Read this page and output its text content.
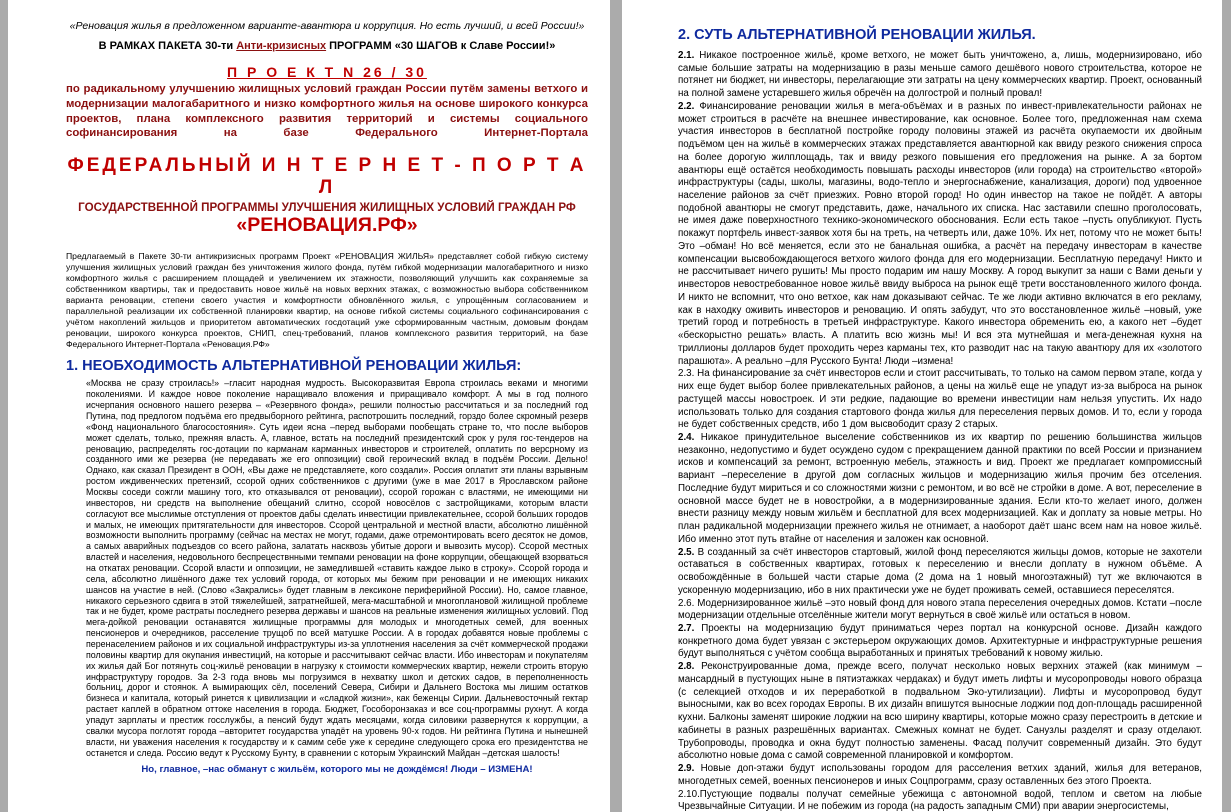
«Реновация жилья в предложенном варианте-авантюра и коррупция. Но есть лучший, и всей России!»

В РАМКАХ ПАКЕТА 30-ти Анти-кризисных ПРОГРАММ «30 ШАГОВ к Славе России!»

П Р О Е К Т N 26 / 30

по радикальному улучшению жилищных условий граждан России путём замены ветхого и модернизации малогабаритного и низко комфортного жилья на основе широкого конкурса проектов, плана комплексного развития территорий и системы социального софинансирования на базе Федерального Интернет-Портала

ФЕДЕРАЛЬНЫЙ И Н Т Е Р Н Е Т - П О Р Т А Л

ГОСУДАРСТВЕННОЙ ПРОГРАММЫ УЛУЧШЕНИЯ ЖИЛИЩНЫХ УСЛОВИЙ ГРАЖДАН РФ

«РЕНОВАЦИЯ.РФ»

Предлагаемый в Пакете 30-ти антикризисных программ Проект «РЕНОВАЦИЯ ЖИЛЬЯ» представляет собой гибкую систему улучшения жилищных условий граждан без уничтожения жилого фонда, путём гибкой модернизации малогабаритного и низко комфортного жилья с расширением площадей и увеличением их этажности, позволяющий улучшить как сохраняемые за собственником квартиры, так и предоставить новое жильё на новых верхних этажах, с возможностью выбора собственником варианта реновации, степени своего участия и комфортности обновлённого жилья, с упрощённым согласованием и параллельной реализации их собственной планировки квартир, на основе гибкой системы социального софинансирования с учётом накоплений жильцов и приоритетом автоматических госдотаций уже сформированным частным, домовым фондам реновации, широкого конкурса проектов, СНИП, спец-требований, планов комплексного развития территорий, на базе Федерального Интернет-Портала «Реновация.РФ»

1. НЕОБХОДИМОСТЬ АЛЬТЕРНАТИВНОЙ РЕНОВАЦИИ ЖИЛЬЯ:

«Москва не сразу строилась!» –гласит народная мудрость. Высокоразвитая Европа строилась веками и многими поколениями. И каждое новое поколение наращивало вложения и приращивало комфорт. А мы в год полного исчерпания основного нашего резерва – «Резервного фонда», решили полностью рассчитаться и за последний год Путина, под предлогом подъёма его предвыборного рейтинга, распотрошить последний, горздо более скромный резерв «Фонд национального благосостояния». Суть идеи ясна –перед выборами пообещать стране то, что после выборов может сделать, только, прежняя власть. А, главное, встать на последний президентский срок у руля гос-тендеров на реновацию, распределять гос-дотации по карманам карманных инвесторов и строителей, оплатить по версрному из созданного ими же резерва (не передавать же его оппозиции) свой героический вклад в подъём России. Дельно! Однако, как сказал Президент в ООН, «Вы даже не представляете, кого создали». Россия оплатит эти планы взрывным ростом иждивенческих претензий, ссорой одних собственников с другими (уже в мае 2017 в Ярославском районе Москвы соседи сожгли машину того, кто отказывался от реновации), ссорой горожан с властями, не имеющими ни инвесторов, ни средств на выполнение обещаний слитно, ссорой новосёлов с застройщиками, которым власти согласуют все мыслимые отступления от проектов дабы сделать инвестиции привлекательнее, ссорой больших городов и малых, не имеющих притягательности для инвесторов. Ссорой центральной и местной власти, абсолютно лишённой возможности выполнить программу (сейчас на местах не могут, годами, даже отремонтировать всего десяток не домов, а самых аварийных подъездов со всего района, залатать насквозь убитые дороги и вывозить мусор). Ссорой местных властей и населения, недовольного беспрецествнными темпами реновации на фоне коррупции, обещающей взорваться на откатах реновации. Ссорой власти и оппозиции, не замедлившей «ставить каждое лыко в строку». Ссорой города и села, абсолютно лишённого даже тех условий города, от которых мы бежим при реновации и не имеющих никаких шансов на участие в ней. (Слово «Закрались» будет главным в лексиконе периферийной России). Но, самое главное, никакого серьезного сдвига в этой тяжелейшей, затратнейшей, мега-масштабной и многоплановой жилищной проблеме так и не будет, кроме растраты последнего резерва державы и шансов на реальные изменения жилищных условий. Под мега-дойкой реновации останавятся жилищные программы для молодых и многодетных семей, для военных пенсионеров и очередников, расселение трущоб по всей матушке России. А в городах добавятся новые проблемы с перенаселением районов и их социальной инфраструктуры из-за уплотнения населения за счёт коммерческой продажи половины квартир для окупания инвестиций, на которые и рассчитывают сейчас власти. Ибо инвесторам и покупателям их жилья дай Бог потянуть соц-жильё реновации в нагрузку к стоимости коммерческих квартир, нежели строить вторую инфраструктуру городов. За 2-3 года вновь мы погрузимся в нехватку школ и детских садов, в переполненность больниц, дорог и стоянок. А вымирающих сёл, поселений Севера, Сибири и Дальнего Востока мы лишим остатков бизнеса и капитала, который ринется к цивилизации и «сладкой жизни», как беженцы Сирии. Дальневосточный гектар растает каплей в обратном оттоке населения в города. Бюджет, Гособоронзаказ и все соц-программы рухнут. А когда упадут зарплаты и престиж госслужбы, а пенсий будут ждать месяцами, когда силовики развернутся к коррупции, а свалки мусора поглотят города –авторитет государства упадёт на уровень 90-х годов. Ни рейтинга Путина и нынешней власти, ни уважения населения к государству и к самим себе уже к середине следующего срока его президентства не останется и следа. Россию ведут к Русскому Бунту, в сравнении с которым Украинский Майдан –детская шалость!

Но, главное, –нас обманут с жильём, которого мы не дождёмся! Люди – ИЗМЕНА!

2. СУТЬ АЛЬТЕРНАТИВНОЙ РЕНОВАЦИИ ЖИЛЬЯ.

2.1. Никакое построенное жильё, кроме ветхого, не может быть уничтожено, а, лишь, модернизировано, ибо самые большие затраты на модернизацию в разы меньше самого дешёвого нового строительства, которое не потянет ни бюджет, ни инвесторы, перелагающие эти затраты на цену коммерческих квартир. Проект, основанный на полной замене устаревшего жилья обречён на долгострой и полный провал!
2.2. Финансирование реновации жилья в мега-объёмах и в разных по инвест-привлекательности районах не может строиться в расчёте на внешнее инвестирование, как основное. Более того, предложенная нам схема участия инвесторов в бесплатной постройке городу половины этажей из расчёта окупаемости их двойным подъёмом цен на жильё в коммерческих этажах представляется авантюрной как ввиду резкого снижения спроса на более дорогую жилплощадь, так и ввиду резкого повышения его предложения на рынке. А за бортом авантюры ещё остаётся необходимость повышать расходы инвесторов (или города) на строительство «второй» инфраструктуры (сады, школы, магазины, водо-тепло и энергоснабжение, канализация, дороги) под удвоенное население районов за счёт приезжих. Ровно второй город! Но один инвестор на такое не пойдёт. А авторы подобной авантюры не смогут представить, даже, начального их списка. Нас заставили спешно проголосовать, не имея даже поверхностного технико-экономического обоснования. Если есть такое –пусть опубликуют. Пусть покажут портфель инвест-заявок хотя бы на треть, на четверть или, даже 10%. Их нет, потому что не может быть! Это –обман! Но всё меняется, если это не банальная ошибка, а расчёт на передачу инвесторам в качестве компенсации высвобождающегося ветхого жилого фонда для его модернизации. Бесплатную передачу! Никто и не рассчитывает ничего рушить! Мы просто подарим им нашу Москву. А город выкупит за наши с Вами деньги у инвесторов невостребованное новое жильё ввиду выброса на рынок ещё трети восстановленного жилого фонда. И никто не вспомнит, что оно ветхое, как нам доказывают сейчас. Те же люди активно включатся в его рекламу, как в находку оживить инвесторов и реновацию. И опять забудут, что это восстановленное жильё –новый, уже третий город и потребность в третьей инфраструктуре. Какого инвестора обременить ею, а какого нет –будет «бескорыстно решать» власть. А платить всю жизнь мы! И вся эта мутнейшая и мега-денежная кухня на триллионы долларов будет проходить через карманы тех, кто разводит нас на такую авантюру для их «золотого парашюта». А реально –для Русского Бунта! Люди –измена!
2.3. На финансирование за счёт инвесторов если и стоит рассчитывать, то только на самом первом этапе, когда у них еще будет выбор более привлекательных районов, а цены на жильё еще не упадут из-за выброса на рынок растущей массы новостроек. И эти редкие, падающие во времени инвестиции нам нельзя упустить. Их надо использовать только для создания стартового фонда жилья для переселения первых домов. И то, если у города не будет собственных средств, ибо 1 дом высвободит сразу 2 старых.
2.4. Никакое принудительное выселение собственников из их квартир по решению большинства жильцов незаконно, недопустимо и будет осуждено судом с прекращением данной практики по всей России и признанием исков и компенсаций за ремонт, встроенную мебель, этажность и вид. Проект же предлагает компромиссный вариант –переселение в другой дом согласных жильцов и модернизацию жилья прочим без отселения. Последние будут мириться и со сложностями жизни с ремонтом, и во всё не стройки в доме. А вот, переселение в основной массе будет не в новостройки, а в модернизированные здания. Если кто-то желает иного, должен внести разницу между новым жильём и бесплатной для всех модернизацией. Как и доплату за новые метры. Но план радикальной модернизации прежнего жилья не отнимает, а наоборот даёт шанс всем нам на новое жильё. Ибо именно этот путь втайне от населения и заложен как основной.
2.5. В созданный за счёт инвесторов стартовый, жилой фонд переселяются жильцы домов, которые не захотели оставаться в собственных квартирах, готовых к переселению и внесли доплату в нужном объёме. А освобождённые в большей части старые дома (2 дома на 1 новый многоэтажный) тут же включаются в ускоренную модернизацию, ибо в них практически уже не будет проживать семей, оставшиеся переселятся.
2.6. Модернизированное жильё –это новый фонд для нового этапа переселения очередных домов. Кстати –после модернизации отдельные отселённые жители могут вернуться в своё жильё или остаться в новом.
2.7. Проекты на модернизацию будут приниматься через портал на конкурсной основе. Дизайн каждого конкретного дома будет увязан с экстерьером окружающих домов. Архитектурные и инфраструктурные решения будут выполняться с учётом сообща выработанных и принятых требований к новому жилью.
2.8. Реконструированные дома, прежде всего, получат несколько новых верхних этажей (как минимум – мансардный в пустующих ныне в пятиэтажках чердаках) и будут иметь лифты и мусоропроводы нового образца (с селекцией отходов и их переработкой в подвальном Эко-утилизации). Лифты и мусоропровод будут выносными, как во всех городах Европы. В их дизайн впишутся выносные лоджии под доп-площадь расширенной кухни. Балконы заменят широкие лоджии на всю ширину квартиры, которые можно сразу перестроить в детские и кабинеты в разных разрешённых вариантах. Смежных комнат не будет. Санузлы разделят и сразу отделают. Трубопроводы, проводка и окна будут полностью заменены. Фасад получит современный дизайн. Это будут абсолютно новые дома с самой современной планировкой и комфортом.
2.9. Новые доп-этажи будут использованы городом для расселения ветхих зданий, жилья для ветеранов, многодетных семей, военных пенсионеров и иных Соцпрограмм, сразу оставленных без этого Проекта.
2.10.Пустующие подвалы получат семейные убежища с автономной водой, теплом и светом на любые Чрезвычайные Ситуации. И не побежим из города (на радость западным СМИ) при аварии энергосистемы,
